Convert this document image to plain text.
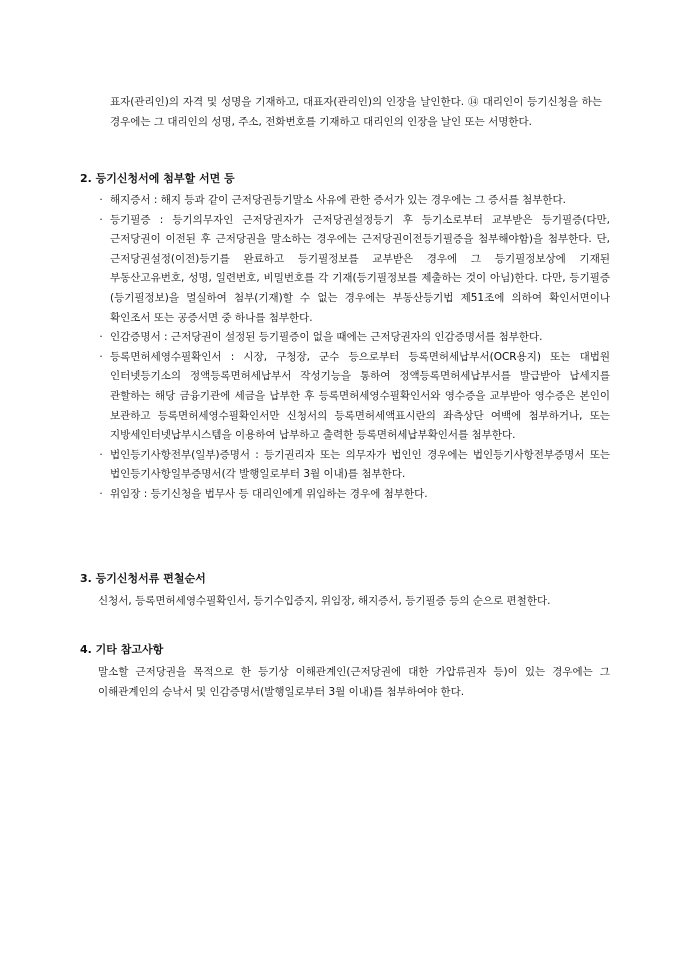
표자(관리인)의 자격 및 성명을 기재하고, 대표자(관리인)의 인장을 날인한다. ⑭ 대리인이 등기신청을 하는 경우에는 그 대리인의 성명, 주소, 전화번호를 기재하고 대리인의 인장을 날인 또는 서명한다.

2. 등기신청서에 첨부할 서면 등
· 해지증서 : 해지 등과 같이 근저당권등기말소 사유에 관한 증서가 있는 경우에는 그 증서를 첨부한다.
· 등기필증 : 등기의무자인 근저당권자가 근저당권설정등기 후 등기소로부터 교부받은 등기필증(다만, 근저당권이 이전된 후 근저당권을 말소하는 경우에는 근저당권이전등기필증을 첨부해야함)을 첨부한다. 단, 근저당권설정(이전)등기를 완료하고 등기필정보를 교부받은 경우에 그 등기필정보상에 기재된 부동산고유번호, 성명, 일련번호, 비밀번호를 각 기재(등기필정보를 제출하는 것이 아님)한다. 다만, 등기필증(등기필정보)을 멸실하여 첨부(기재)할 수 없는 경우에는 부동산등기법 제51조에 의하여 확인서면이나 확인조서 또는 공증서면 중 하나를 첨부한다.
· 인감증명서 : 근저당권이 설정된 등기필증이 없을 때에는 근저당권자의 인감증명서를 첨부한다.
· 등록면허세영수필확인서 : 시장, 구청장, 군수 등으로부터 등록면허세납부서(OCR용지) 또는 대법원 인터넷등기소의 정액등록면허세납부서 작성기능을 통하여 정액등록면허세납부서를 발급받아 납세지를 관할하는 해당 금융기관에 세금을 납부한 후 등록면허세영수필확인서와 영수증을 교부받아 영수증은 본인이 보관하고 등록면허세영수필확인서만 신청서의 등록면허세액표시란의 좌측상단 여백에 첨부하거나, 또는 지방세인터넷납부시스템을 이용하여 납부하고 출력한 등록면허세납부확인서를 첨부한다.
· 법인등기사항전부(일부)증명서 : 등기권리자 또는 의무자가 법인인 경우에는 법인등기사항전부증명서 또는 법인등기사항일부증명서(각 발행일로부터 3월 이내)를 첨부한다.
· 위임장 : 등기신청을 법무사 등 대리인에게 위임하는 경우에 첨부한다.
3. 등기신청서류 편철순서
신청서, 등록면허세영수필확인서, 등기수입증지, 위임장, 해지증서, 등기필증 등의 순으로 편철한다.
4. 기타 참고사항
말소할 근저당권을 목적으로 한 등기상 이해관계인(근저당권에 대한 가압류권자 등)이 있는 경우에는 그 이해관계인의 승낙서 및 인감증명서(발행일로부터 3월 이내)를 첨부하여야 한다.
